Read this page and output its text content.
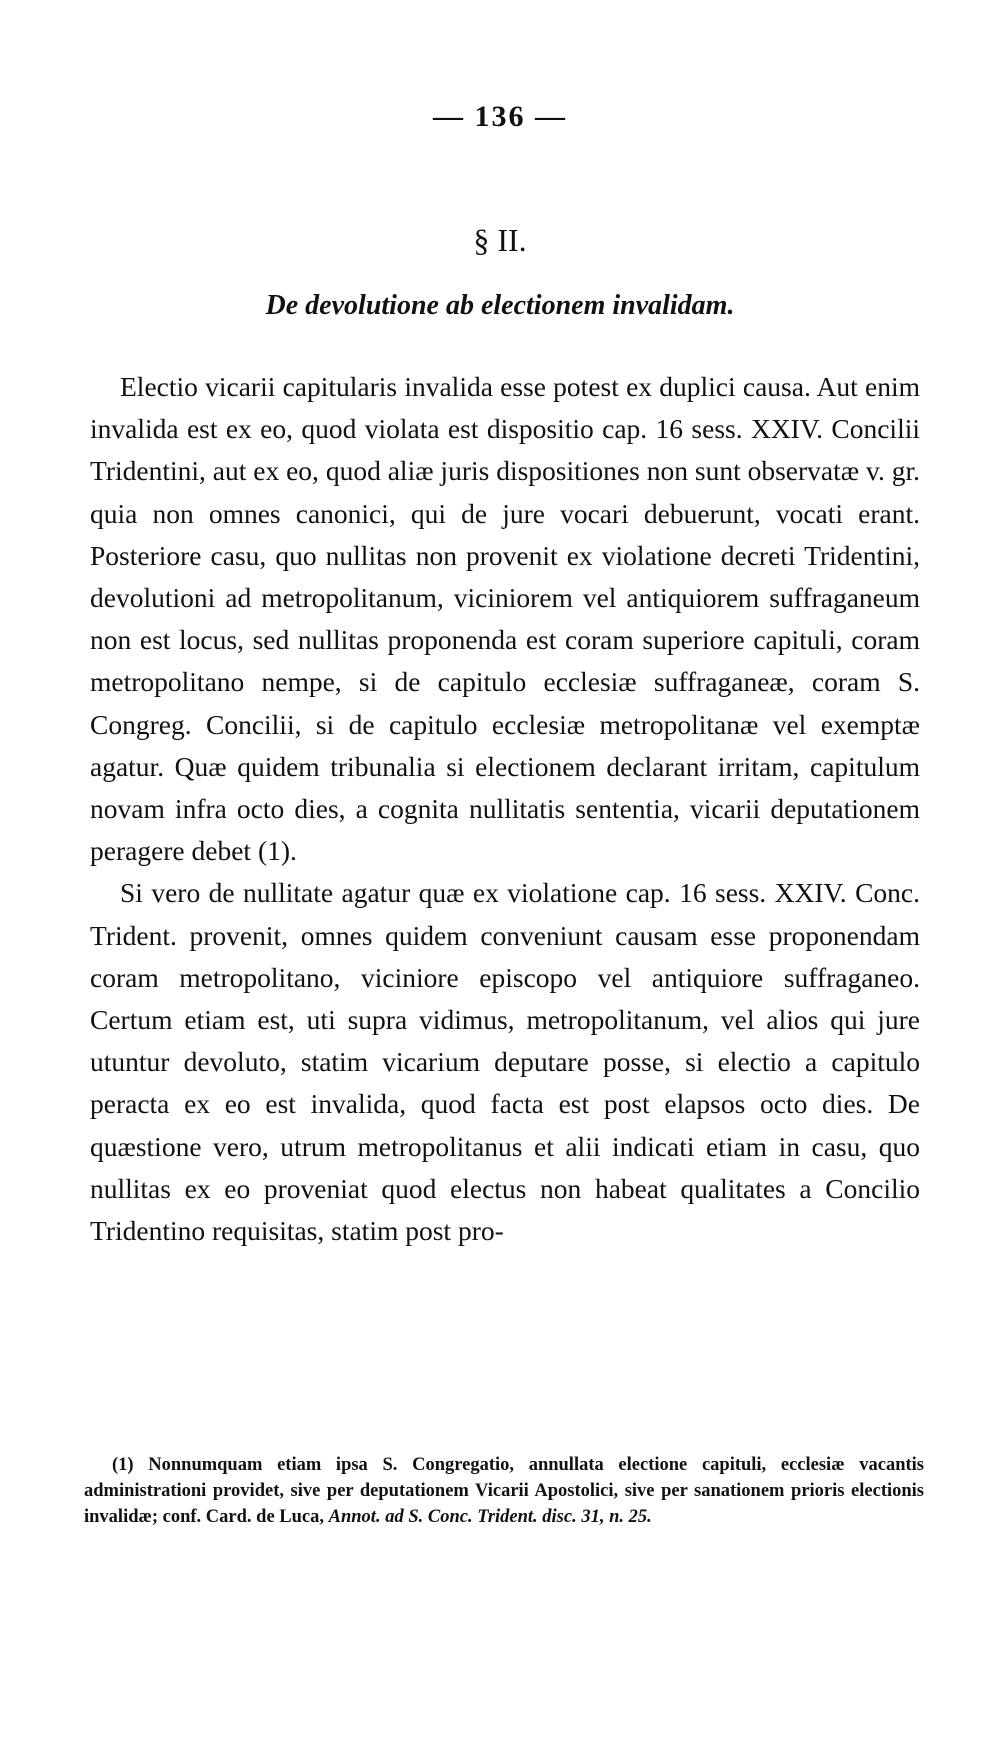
— 136 —
§ II.
De devolutione ab electionem invalidam.

Electio vicarii capitularis invalida esse potest ex duplici causa. Aut enim invalida est ex eo, quod violata est dispositio cap. 16 sess. XXIV. Concilii Tridentini, aut ex eo, quod aliæ juris dispositiones non sunt observatæ v. gr. quia non omnes canonici, qui de jure vocari debuerunt, vocati erant. Posteriore casu, quo nullitas non provenit ex violatione decreti Tridentini, devolutioni ad metropolitanum, viciniorem vel antiquiorem suffraganeum non est locus, sed nullitas proponenda est coram superiore capituli, coram metropolitano nempe, si de capitulo ecclesiæ suffraganeæ, coram S. Congreg. Concilii, si de capitulo ecclesiæ metropolitanæ vel exemptæ agatur. Quæ quidem tribunalia si electionem declarant irritam, capitulum novam infra octo dies, a cognita nullitatis sententia, vicarii deputationem peragere debet (1).

Si vero de nullitate agatur quæ ex violatione cap. 16 sess. XXIV. Conc. Trident. provenit, omnes quidem conveniunt causam esse proponendam coram metropolitano, viciniore episcopo vel antiquiore suffraganeo. Certum etiam est, uti supra vidimus, metropolitanum, vel alios qui jure utuntur devoluto, statim vicarium deputare posse, si electio a capitulo peracta ex eo est invalida, quod facta est post elapsos octo dies. De quæstione vero, utrum metropolitanus et alii indicati etiam in casu, quo nullitas ex eo proveniat quod electus non habeat qualitates a Concilio Tridentino requisitas, statim post pro-

(1) Nonnumquam etiam ipsa S. Congregatio, annullata electione capituli, ecclesiæ vacantis administrationi providet, sive per deputationem Vicarii Apostolici, sive per sanationem prioris electionis invalidæ; conf. Card. de Luca, Annot. ad S. Conc. Trident. disc. 31, n. 25.
